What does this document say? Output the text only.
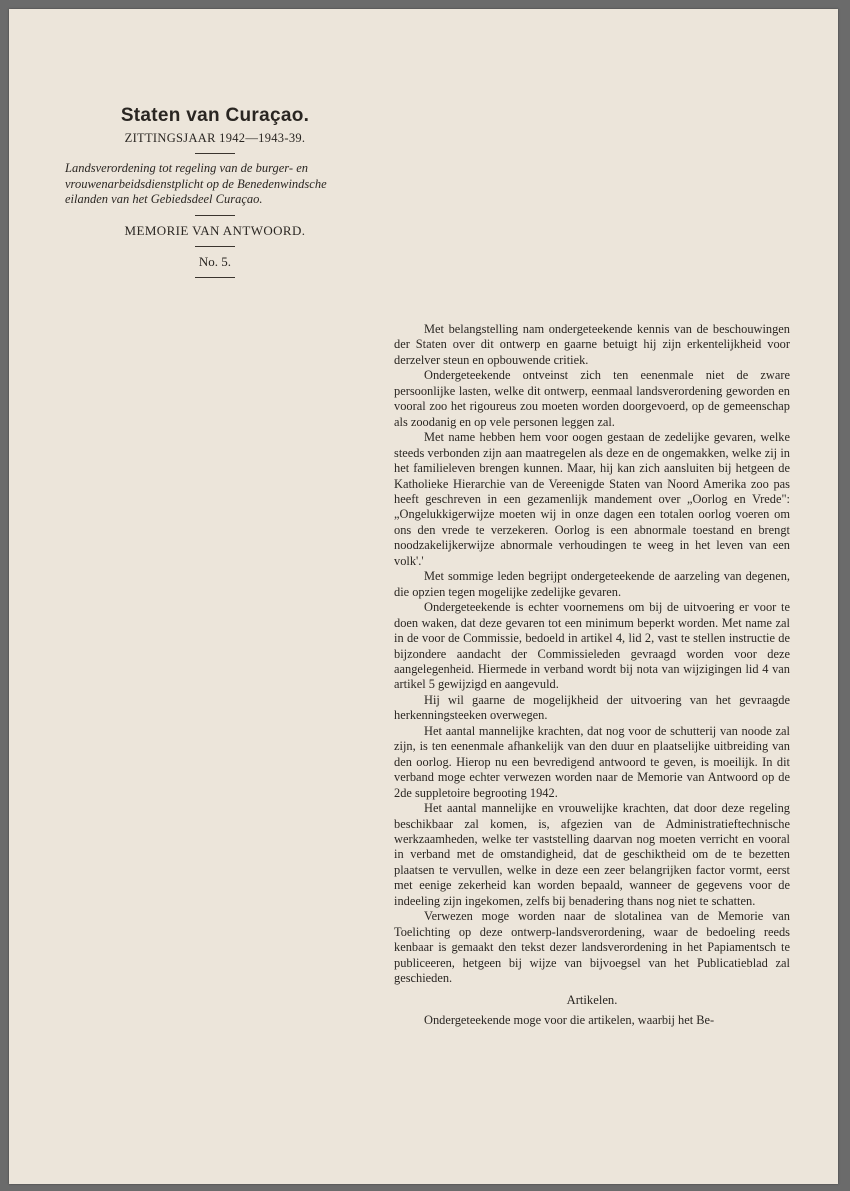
Staten van Curaçao.
ZITTINGSJAAR 1942—1943-39.
Landsverordening tot regeling van de burger- en vrouwenarbeidsdienstplicht op de Benedenwindsche eilanden van het Gebiedsdeel Curaçao.
MEMORIE VAN ANTWOORD.
No. 5.

Met belangstelling nam ondergeteekende kennis van de beschouwingen der Staten over dit ontwerp en gaarne betuigt hij zijn erkentelijkheid voor derzelver steun en opbouwende critiek.

Ondergeteekende ontveinst zich ten eenenmale niet de zware persoonlijke lasten, welke dit ontwerp, eenmaal landsverordening geworden en vooral zoo het rigoureus zou moeten worden doorgevoerd, op de gemeenschap als zoodanig en op vele personen leggen zal.

Met name hebben hem voor oogen gestaan de zedelijke gevaren, welke steeds verbonden zijn aan maatregelen als deze en de ongemakken, welke zij in het familieleven brengen kunnen. Maar, hij kan zich aansluiten bij hetgeen de Katholieke Hierarchie van de Vereenigde Staten van Noord Amerika zoo pas heeft geschreven in een gezamenlijk mandement over „Oorlog en Vrede": „Ongelukkigerwijze moeten wij in onze dagen een totalen oorlog voeren om ons den vrede te verzekeren. Oorlog is een abnormale toestand en brengt noodzakelijkerwijze abnormale verhoudingen te weeg in het leven van een volk'.'

Met sommige leden begrijpt ondergeteekende de aarzeling van degenen, die opzien tegen mogelijke zedelijke gevaren.

Ondergeteekende is echter voornemens om bij de uitvoering er voor te doen waken, dat deze gevaren tot een minimum beperkt worden. Met name zal in de voor de Commissie, bedoeld in artikel 4, lid 2, vast te stellen instructie de bijzondere aandacht der Commissieleden gevraagd worden voor deze aangelegenheid. Hiermede in verband wordt bij nota van wijzigingen lid 4 van artikel 5 gewijzigd en aangevuld.

Hij wil gaarne de mogelijkheid der uitvoering van het gevraagde herkenningsteeken overwegen.

Het aantal mannelijke krachten, dat nog voor de schutterij van noode zal zijn, is ten eenenmale afhankelijk van den duur en plaatselijke uitbreiding van den oorlog. Hierop nu een bevredigend antwoord te geven, is moeilijk. In dit verband moge echter verwezen worden naar de Memorie van Antwoord op de 2de suppletoire begrooting 1942.

Het aantal mannelijke en vrouwelijke krachten, dat door deze regeling beschikbaar zal komen, is, afgezien van de Administratieftechnische werkzaamheden, welke ter vaststelling daarvan nog moeten verricht en vooral in verband met de omstandigheid, dat de geschiktheid om de te bezetten plaatsen te vervullen, welke in deze een zeer belangrijken factor vormt, eerst met eenige zekerheid kan worden bepaald, wanneer de gegevens voor de indeeling zijn ingekomen, zelfs bij benadering thans nog niet te schatten.

Verwezen moge worden naar de slotalinea van de Memorie van Toelichting op deze ontwerp-landsverordening, waar de bedoeling reeds kenbaar is gemaakt den tekst dezer landsverordening in het Papiamentsch te publiceeren, hetgeen bij wijze van bijvoegsel van het Publicatieblad zal geschieden.

Artikelen.

Ondergeteekende moge voor die artikelen, waarbij het Be-
